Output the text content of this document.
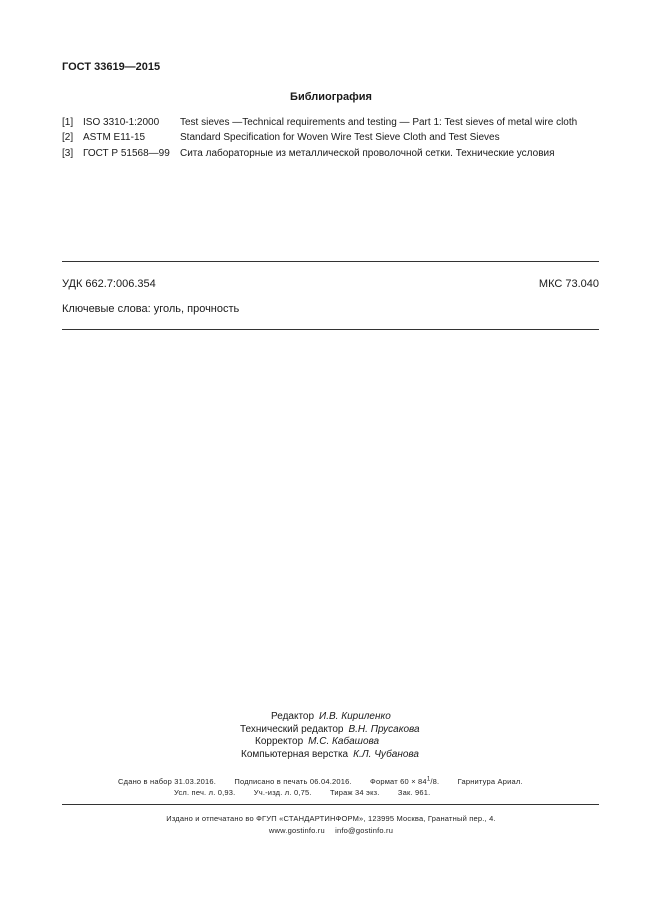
ГОСТ 33619—2015
Библиография
[1] ISO 3310-1:2000 Test sieves —Technical requirements and testing — Part 1: Test sieves of metal wire cloth
[2] ASTM E11-15	Standard Specification for Woven Wire Test Sieve Cloth and Test Sieves
[3] ГОСТ Р 51568—99 Сита лабораторные из металлической проволочной сетки. Технические условия
УДК 662.7:006.354	МКС 73.040
Ключевые слова: уголь, прочность
Редактор И.В. Кириленко
Технический редактор В.Н. Прусакова
Корректор М.С. Кабашова
Компьютерная верстка К.Л. Чубанова
Сдано в набор 31.03.2016. Подписано в печать 06.04.2016. Формат $60 \times 84^1/8$. Гарнитура Ариал.
Усл. печ. л. 0,93. Уч.-изд. л. 0,75. Тираж 34 экз. Зак. 961.
Издано и отпечатано во ФГУП «СТАНДАРТИНФОРМ», 123995 Москва, Гранатный пер., 4.
www.gostinfo.ru info@gostinfo.ru
